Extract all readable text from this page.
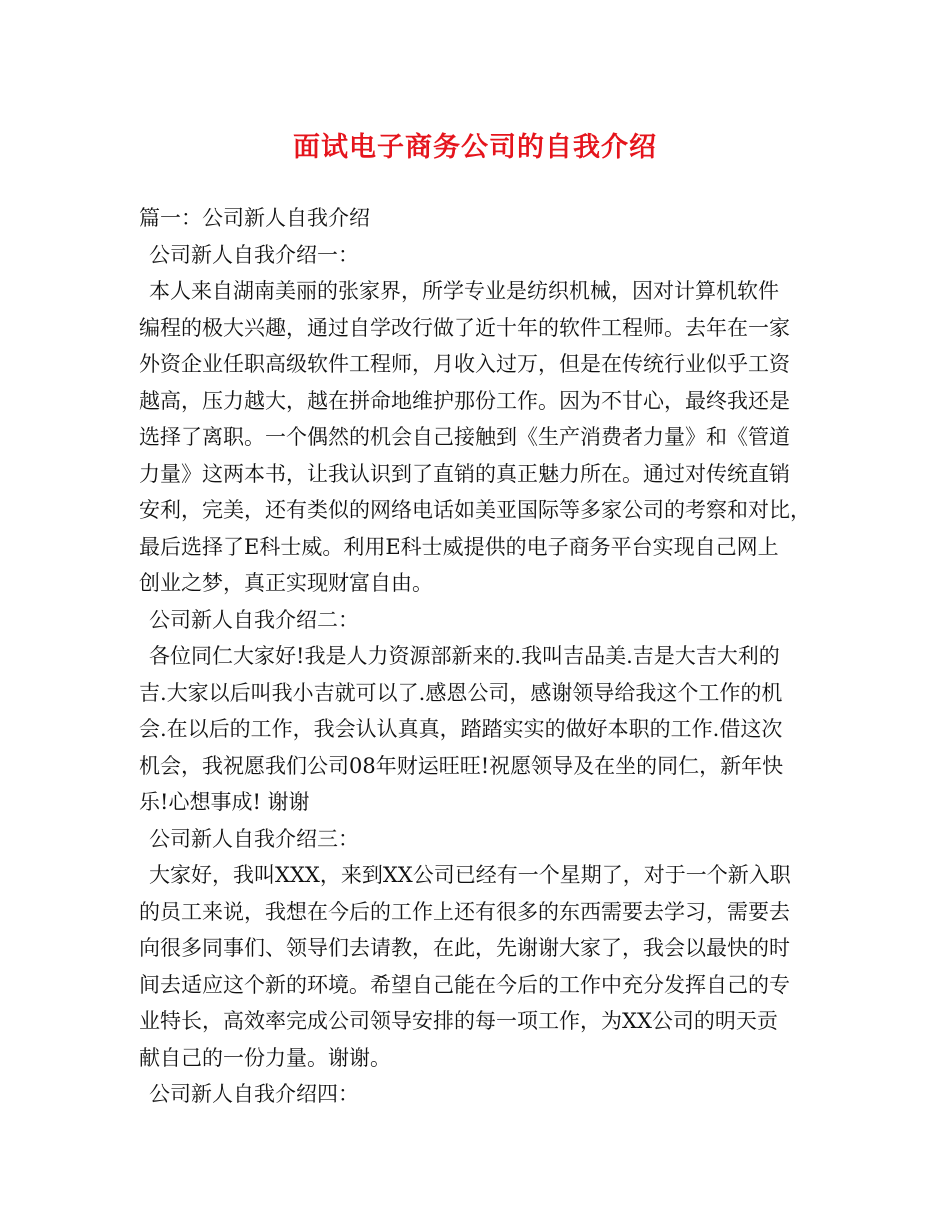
面试电子商务公司的自我介绍
篇一：公司新人自我介绍
公司新人自我介绍一：
本人来自湖南美丽的张家界，所学专业是纺织机械，因对计算机软件
编程的极大兴趣，通过自学改行做了近十年的软件工程师。去年在一家
外资企业任职高级软件工程师，月收入过万，但是在传统行业似乎工资
越高，压力越大，越在拼命地维护那份工作。因为不甘心，最终我还是
选择了离职。一个偶然的机会自己接触到《生产消费者力量》和《管道
力量》这两本书，让我认识到了直销的真正魅力所在。通过对传统直销
安利，完美，还有类似的网络电话如美亚国际等多家公司的考察和对比，
最后选择了E科士威。利用E科士威提供的电子商务平台实现自己网上
创业之梦，真正实现财富自由。
公司新人自我介绍二：
各位同仁大家好!我是人力资源部新来的.我叫吉品美.吉是大吉大利的
吉.大家以后叫我小吉就可以了.感恩公司，感谢领导给我这个工作的机
会.在以后的工作，我会认认真真，踏踏实实的做好本职的工作.借这次
机会，我祝愿我们公司08年财运旺旺!祝愿领导及在坐的同仁，新年快
乐!心想事成! 谢谢
公司新人自我介绍三：
大家好，我叫XXX，来到XX公司已经有一个星期了，对于一个新入职
的员工来说，我想在今后的工作上还有很多的东西需要去学习，需要去
向很多同事们、领导们去请教，在此，先谢谢大家了，我会以最快的时
间去适应这个新的环境。希望自己能在今后的工作中充分发挥自己的专
业特长，高效率完成公司领导安排的每一项工作，为XX公司的明天贡
献自己的一份力量。谢谢。
公司新人自我介绍四：
